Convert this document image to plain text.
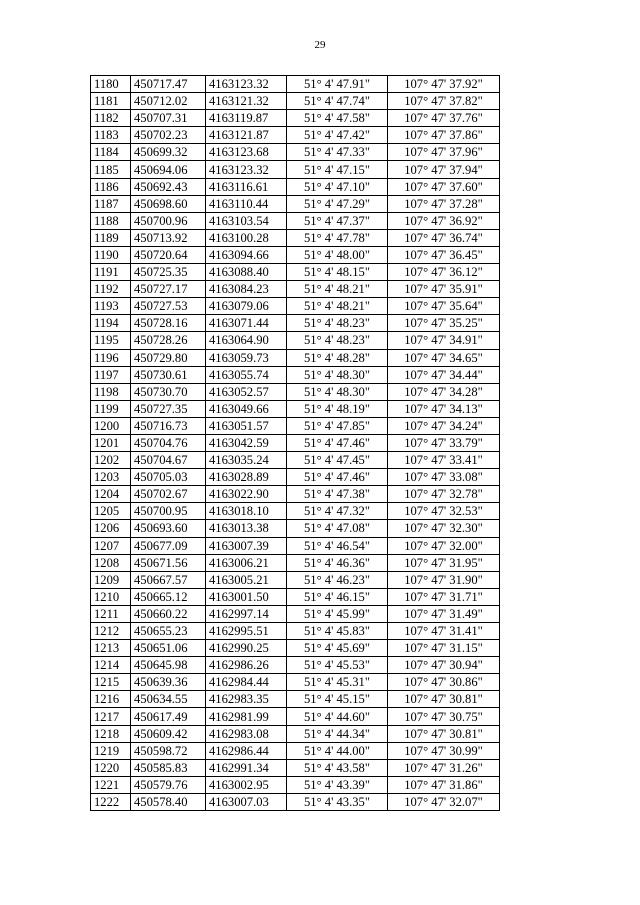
29
1180	450717.47	4163123.32	51° 4' 47.91"	107° 47' 37.92"
1181	450712.02	4163121.32	51° 4' 47.74"	107° 47' 37.82"
1182	450707.31	4163119.87	51° 4' 47.58"	107° 47' 37.76"
1183	450702.23	4163121.87	51° 4' 47.42"	107° 47' 37.86"
1184	450699.32	4163123.68	51° 4' 47.33"	107° 47' 37.96"
1185	450694.06	4163123.32	51° 4' 47.15"	107° 47' 37.94"
1186	450692.43	4163116.61	51° 4' 47.10"	107° 47' 37.60"
1187	450698.60	4163110.44	51° 4' 47.29"	107° 47' 37.28"
1188	450700.96	4163103.54	51° 4' 47.37"	107° 47' 36.92"
1189	450713.92	4163100.28	51° 4' 47.78"	107° 47' 36.74"
1190	450720.64	4163094.66	51° 4' 48.00"	107° 47' 36.45"
1191	450725.35	4163088.40	51° 4' 48.15"	107° 47' 36.12"
1192	450727.17	4163084.23	51° 4' 48.21"	107° 47' 35.91"
1193	450727.53	4163079.06	51° 4' 48.21"	107° 47' 35.64"
1194	450728.16	4163071.44	51° 4' 48.23"	107° 47' 35.25"
1195	450728.26	4163064.90	51° 4' 48.23"	107° 47' 34.91"
1196	450729.80	4163059.73	51° 4' 48.28"	107° 47' 34.65"
1197	450730.61	4163055.74	51° 4' 48.30"	107° 47' 34.44"
1198	450730.70	4163052.57	51° 4' 48.30"	107° 47' 34.28"
1199	450727.35	4163049.66	51° 4' 48.19"	107° 47' 34.13"
1200	450716.73	4163051.57	51° 4' 47.85"	107° 47' 34.24"
1201	450704.76	4163042.59	51° 4' 47.46"	107° 47' 33.79"
1202	450704.67	4163035.24	51° 4' 47.45"	107° 47' 33.41"
1203	450705.03	4163028.89	51° 4' 47.46"	107° 47' 33.08"
1204	450702.67	4163022.90	51° 4' 47.38"	107° 47' 32.78"
1205	450700.95	4163018.10	51° 4' 47.32"	107° 47' 32.53"
1206	450693.60	4163013.38	51° 4' 47.08"	107° 47' 32.30"
1207	450677.09	4163007.39	51° 4' 46.54"	107° 47' 32.00"
1208	450671.56	4163006.21	51° 4' 46.36"	107° 47' 31.95"
1209	450667.57	4163005.21	51° 4' 46.23"	107° 47' 31.90"
1210	450665.12	4163001.50	51° 4' 46.15"	107° 47' 31.71"
1211	450660.22	4162997.14	51° 4' 45.99"	107° 47' 31.49"
1212	450655.23	4162995.51	51° 4' 45.83"	107° 47' 31.41"
1213	450651.06	4162990.25	51° 4' 45.69"	107° 47' 31.15"
1214	450645.98	4162986.26	51° 4' 45.53"	107° 47' 30.94"
1215	450639.36	4162984.44	51° 4' 45.31"	107° 47' 30.86"
1216	450634.55	4162983.35	51° 4' 45.15"	107° 47' 30.81"
1217	450617.49	4162981.99	51° 4' 44.60"	107° 47' 30.75"
1218	450609.42	4162983.08	51° 4' 44.34"	107° 47' 30.81"
1219	450598.72	4162986.44	51° 4' 44.00"	107° 47' 30.99"
1220	450585.83	4162991.34	51° 4' 43.58"	107° 47' 31.26"
1221	450579.76	4163002.95	51° 4' 43.39"	107° 47' 31.86"
1222	450578.40	4163007.03	51° 4' 43.35"	107° 47' 32.07"
